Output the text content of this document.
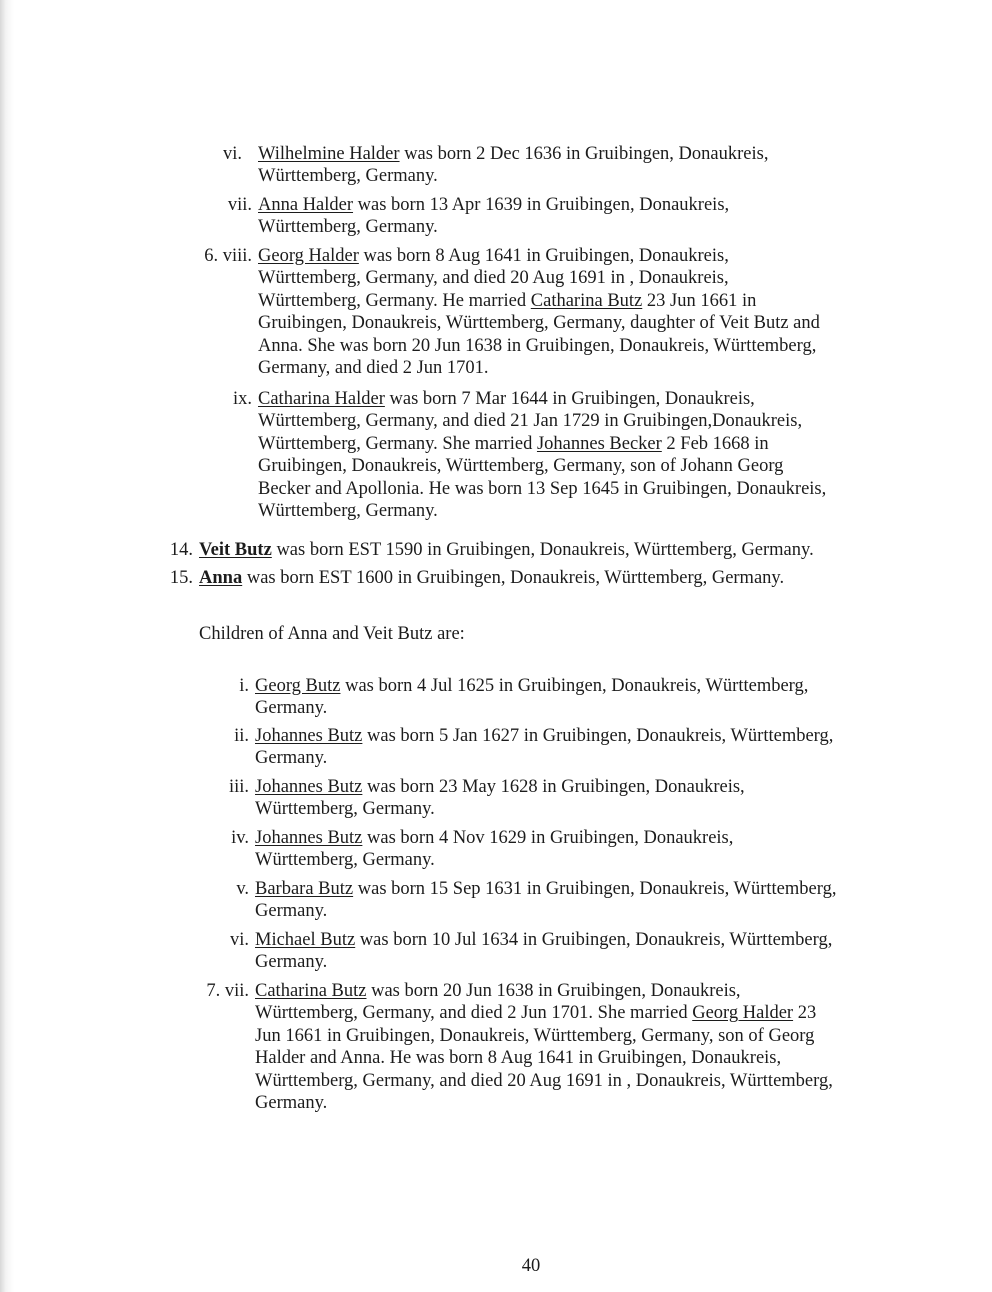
vi. Wilhelmine Halder was born 2 Dec 1636 in Gruibingen, Donaukreis,
Württemberg, Germany.
vii. Anna Halder was born 13 Apr 1639 in Gruibingen, Donaukreis,
Württemberg, Germany.
6. viii. Georg Halder was born 8 Aug 1641 in Gruibingen, Donaukreis,
Württemberg, Germany, and died 20 Aug 1691 in , Donaukreis,
Württemberg, Germany. He married Catharina Butz 23 Jun 1661 in
Gruibingen, Donaukreis, Württemberg, Germany, daughter of Veit Butz and
Anna. She was born 20 Jun 1638 in Gruibingen, Donaukreis, Württemberg,
Germany, and died 2 Jun 1701.
ix. Catharina Halder was born 7 Mar 1644 in Gruibingen, Donaukreis,
Württemberg, Germany, and died 21 Jan 1729 in Gruibingen,Donaukreis,
Württemberg, Germany. She married Johannes Becker 2 Feb 1668 in
Gruibingen, Donaukreis, Württemberg, Germany, son of Johann Georg
Becker and Apollonia. He was born 13 Sep 1645 in Gruibingen, Donaukreis,
Württemberg, Germany.
14. Veit Butz was born EST 1590 in Gruibingen, Donaukreis, Württemberg, Germany.
15. Anna was born EST 1600 in Gruibingen, Donaukreis, Württemberg, Germany.
Children of Anna and Veit Butz are:
i. Georg Butz was born 4 Jul 1625 in Gruibingen, Donaukreis, Württemberg,
Germany.
ii. Johannes Butz was born 5 Jan 1627 in Gruibingen, Donaukreis, Württemberg,
Germany.
iii. Johannes Butz was born 23 May 1628 in Gruibingen, Donaukreis,
Württemberg, Germany.
iv. Johannes Butz was born 4 Nov 1629 in Gruibingen, Donaukreis,
Württemberg, Germany.
v. Barbara Butz was born 15 Sep 1631 in Gruibingen, Donaukreis, Württemberg,
Germany.
vi. Michael Butz was born 10 Jul 1634 in Gruibingen, Donaukreis, Württemberg,
Germany.
7. vii. Catharina Butz was born 20 Jun 1638 in Gruibingen, Donaukreis,
Württemberg, Germany, and died 2 Jun 1701. She married Georg Halder 23
Jun 1661 in Gruibingen, Donaukreis, Württemberg, Germany, son of Georg
Halder and Anna. He was born 8 Aug 1641 in Gruibingen, Donaukreis,
Württemberg, Germany, and died 20 Aug 1691 in , Donaukreis, Württemberg,
Germany.
40
